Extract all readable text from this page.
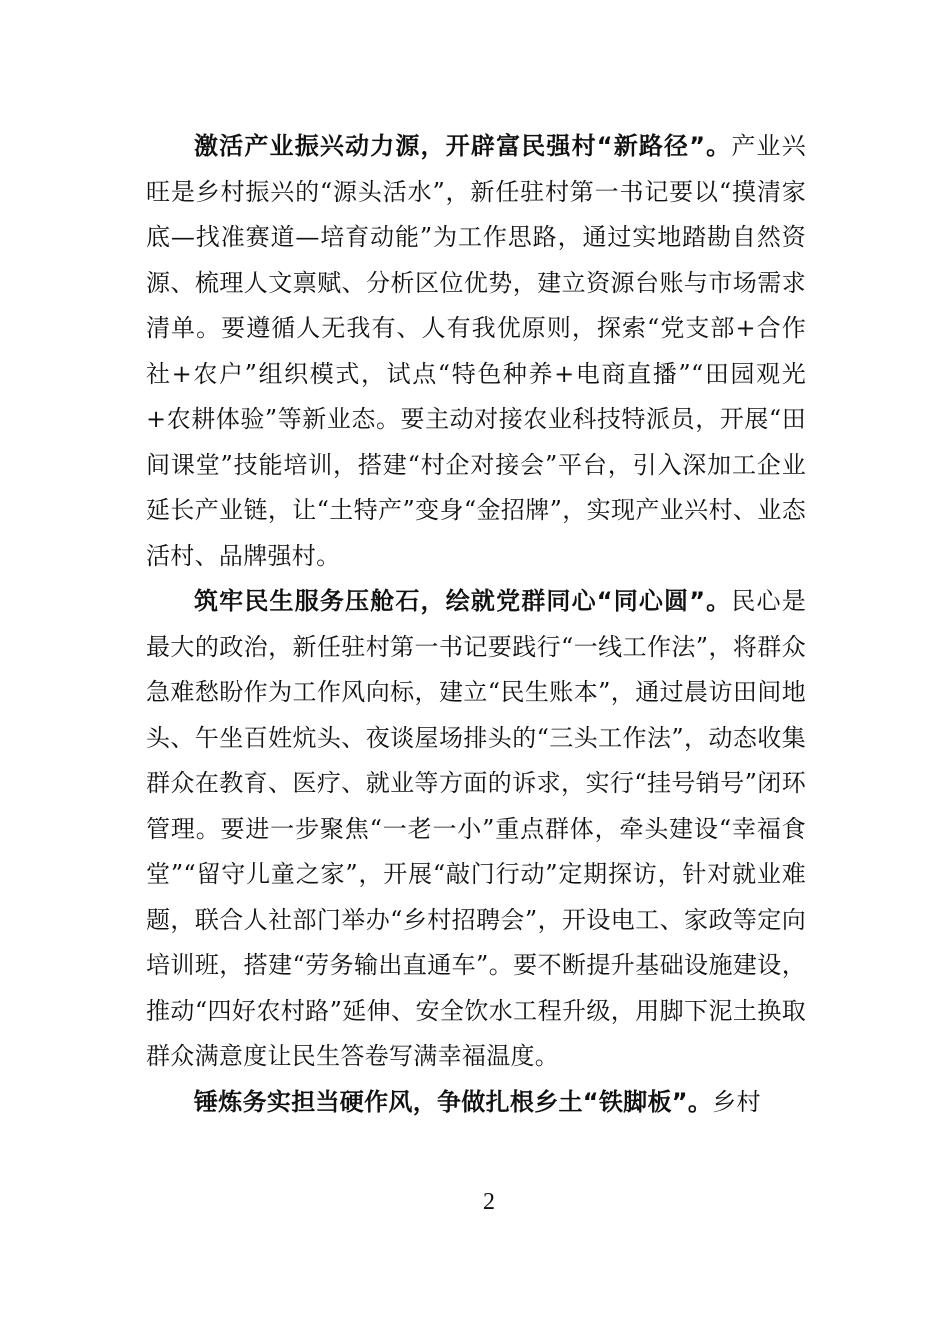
激活产业振兴动力源，开辟富民强村“新路径”。产业兴旺是乡村振兴的“源头活水”，新任驻村第一书记要以“摸清家底—找准赛道—培育动能”为工作思路，通过实地踏勘自然资源、梳理人文禀赋、分析区位优势，建立资源台账与市场需求清单。要遵循人无我有、人有我优原则，探索“党支部+合作社+农户”组织模式，试点“特色种养+电商直播”“田园观光+农耕体验”等新业态。要主动对接农业科技特派员，开展“田间课堂”技能培训，搭建“村企对接会”平台，引入深加工企业延长产业链，让“土特产”变身“金招牌”，实现产业兴村、业态活村、品牌强村。

筑牢民生服务压舱石，绘就党群同心“同心圆”。民心是最大的政治，新任驻村第一书记要践行“一线工作法”，将群众急难愁盼作为工作风向标，建立“民生账本”，通过晨访田间地头、午坐百姓炕头、夜谈屋场排头的“三头工作法”，动态收集群众在教育、医疗、就业等方面的诉求，实行“挂号销号”闭环管理。要进一步聚焦“一老一小”重点群体，牵头建设“幸福食堂”“留守儿童之家”，开展“敲门行动”定期探访，针对就业难题，联合人社部门举办“乡村招聘会”，开设电工、家政等定向培训班，搭建“劳务输出直通车”。要不断提升基础设施建设，推动“四好农村路”延伸、安全饮水工程升级，用脚下泥土换取群众满意度让民生答卷写满幸福温度。

锤炼务实担当硬作风，争做扎根乡土“铁脚板”。乡村

2
